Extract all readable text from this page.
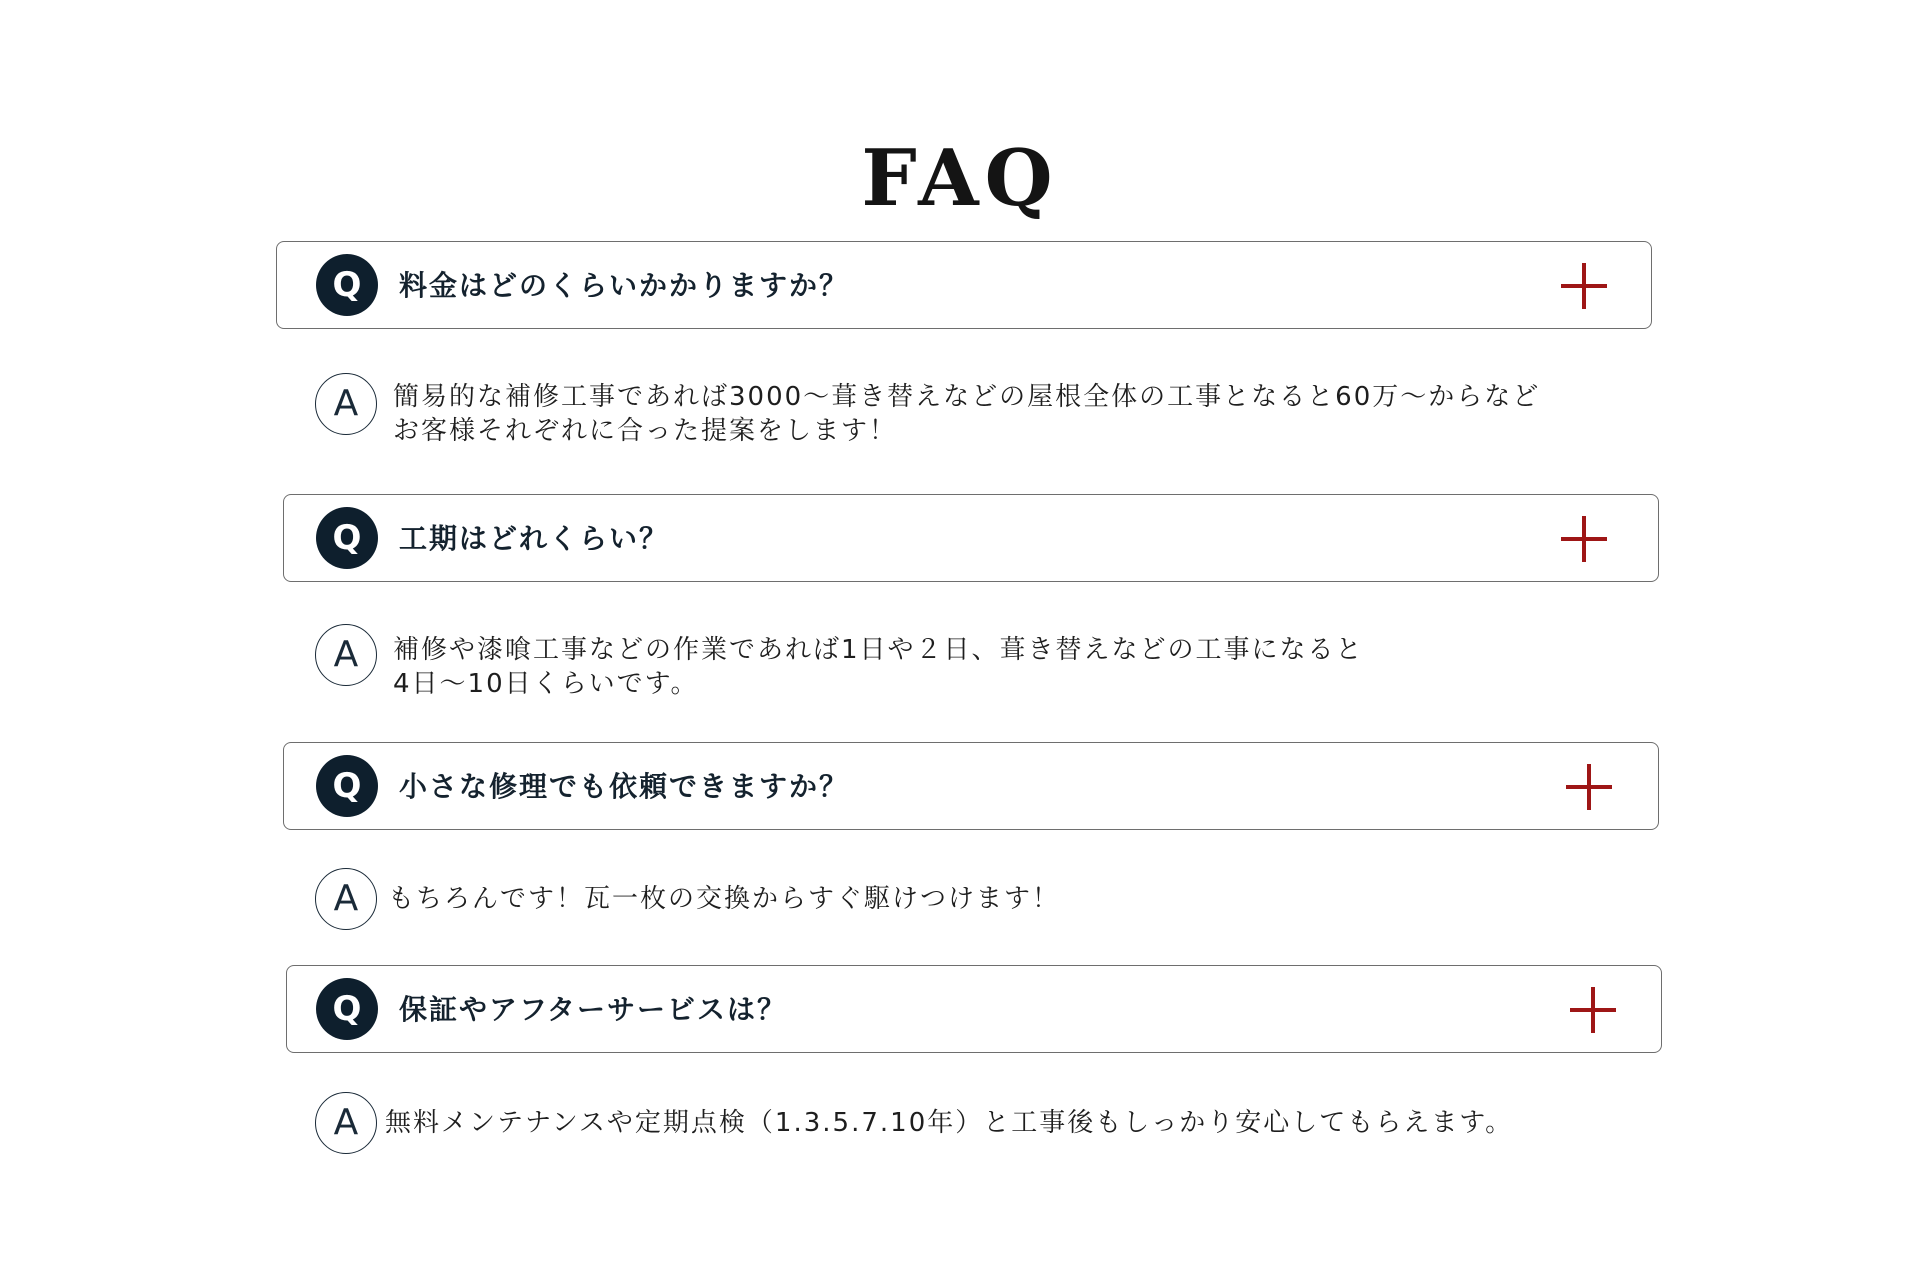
FAQ
Q	料金はどのくらいかかりますか？
A	簡易的な補修工事であれば3000～葺き替えなどの屋根全体の工事となると60万～からなど
お客様それぞれに合った提案をします！
Q	工期はどれくらい？
A	補修や漆喰工事などの作業であれば1日や２日、葺き替えなどの工事になると
4日～10日くらいです。
Q	小さな修理でも依頼できますか？
A	もちろんです！瓦一枚の交換からすぐ駆けつけます！
Q	保証やアフターサービスは？
A	無料メンテナンスや定期点検（1.3.5.7.10年）と工事後もしっかり安心してもらえます。
